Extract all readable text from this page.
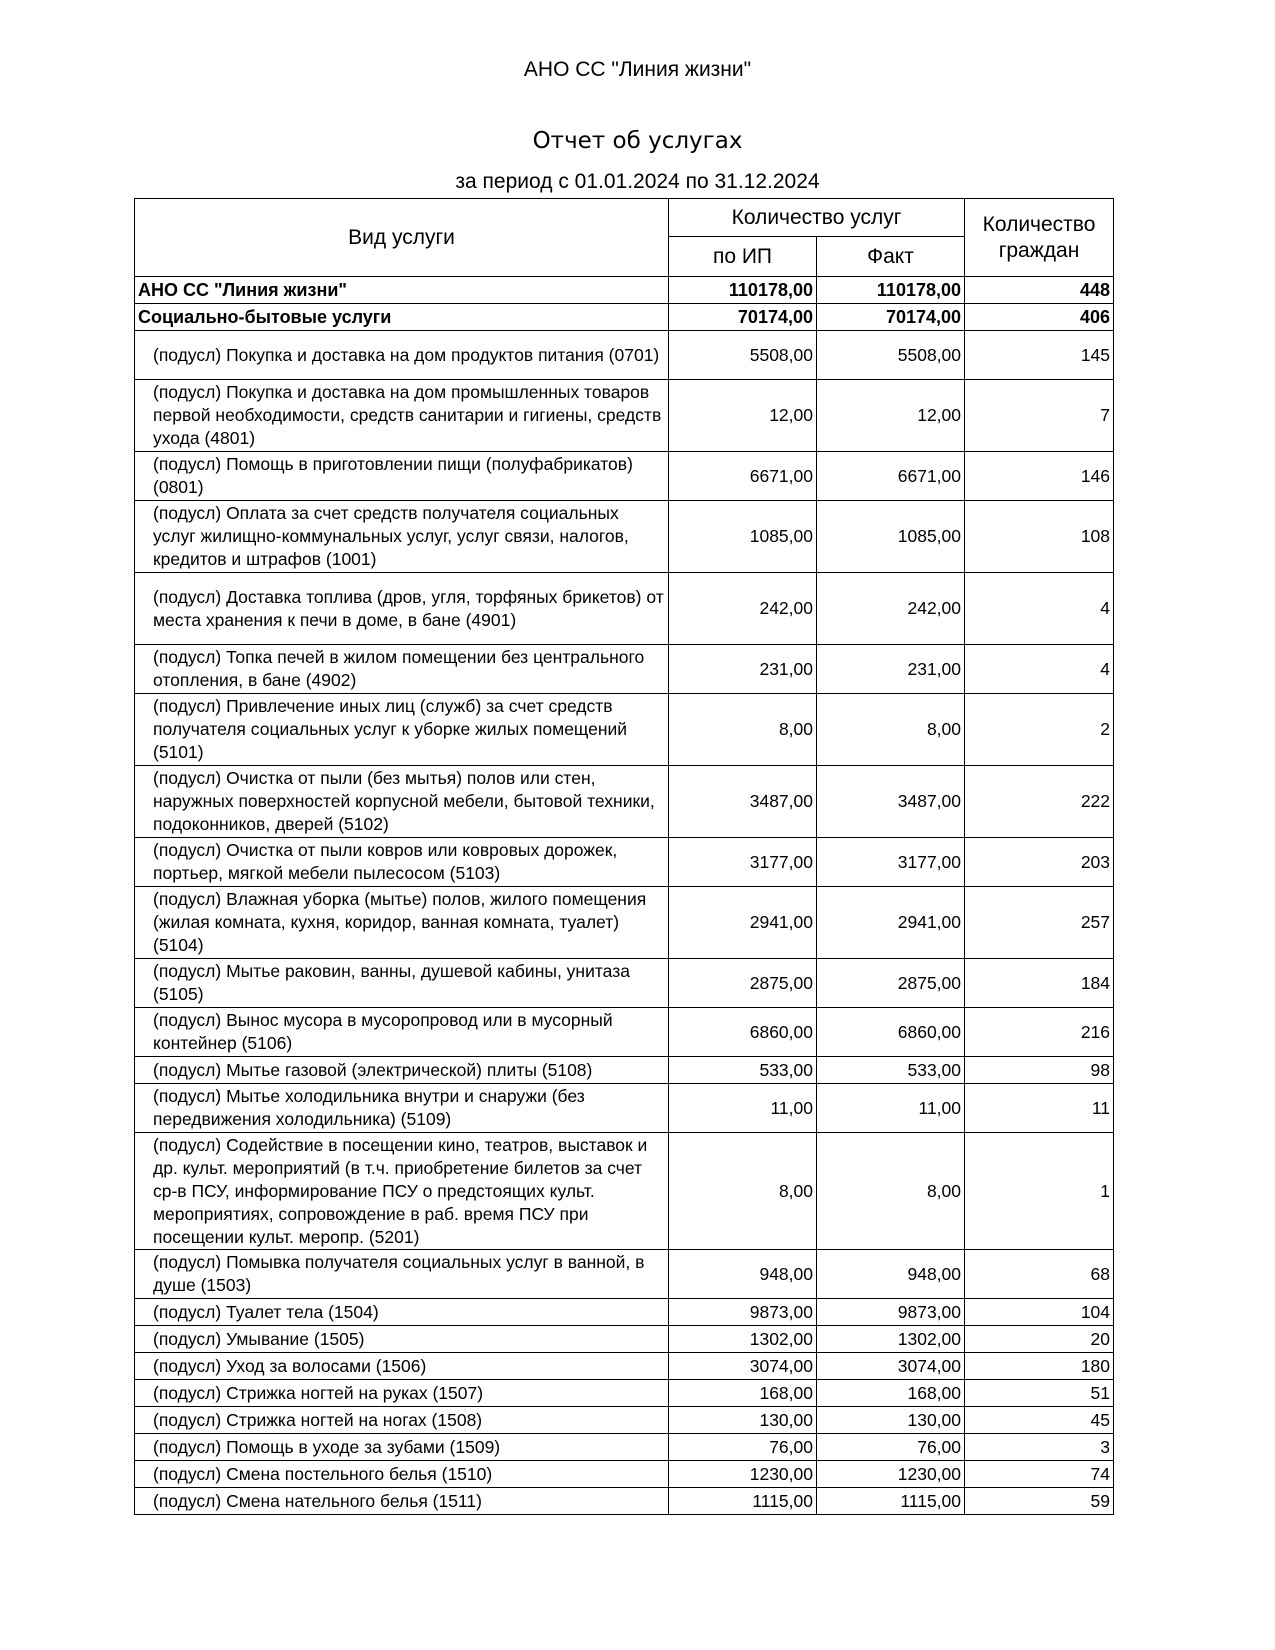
АНО СС "Линия жизни"
Отчет об услугах
за период с 01.01.2024 по 31.12.2024
Вид услуги	Количество услуг		Количество граждан
	по ИП	Факт	
АНО СС "Линия жизни"	110178,00	110178,00	448
Социально-бытовые услуги	70174,00	70174,00	406
(подусл) Покупка и доставка на дом продуктов питания (0701)	5508,00	5508,00	145
(подусл) Покупка и доставка на дом промышленных товаров первой необходимости, средств санитарии и гигиены, средств ухода (4801)	12,00	12,00	7
(подусл) Помощь в приготовлении пищи (полуфабрикатов) (0801)	6671,00	6671,00	146
(подусл) Оплата за счет средств получателя социальных услуг жилищно-коммунальных услуг, услуг связи, налогов, кредитов и штрафов (1001)	1085,00	1085,00	108
(подусл) Доставка топлива (дров, угля, торфяных брикетов) от места хранения к печи в доме, в бане (4901)	242,00	242,00	4
(подусл) Топка печей в жилом помещении без центрального отопления, в бане (4902)	231,00	231,00	4
(подусл) Привлечение иных лиц (служб) за счет средств получателя социальных услуг к уборке жилых помещений (5101)	8,00	8,00	2
(подусл) Очистка от пыли (без мытья) полов или стен, наружных поверхностей корпусной мебели, бытовой техники, подоконников, дверей (5102)	3487,00	3487,00	222
(подусл) Очистка от пыли ковров или ковровых дорожек, портьер, мягкой мебели пылесосом (5103)	3177,00	3177,00	203
(подусл) Влажная уборка (мытье) полов, жилого помещения (жилая комната, кухня, коридор, ванная комната, туалет) (5104)	2941,00	2941,00	257
(подусл) Мытье раковин, ванны, душевой кабины, унитаза (5105)	2875,00	2875,00	184
(подусл) Вынос мусора в мусоропровод или в мусорный контейнер (5106)	6860,00	6860,00	216
(подусл) Мытье газовой (электрической) плиты (5108)	533,00	533,00	98
(подусл) Мытье холодильника внутри и снаружи (без передвижения холодильника) (5109)	11,00	11,00	11
(подусл) Содействие в посещении кино, театров, выставок и др. культ. мероприятий (в т.ч. приобретение билетов за счет ср-в ПСУ, информирование ПСУ о предстоящих культ. мероприятиях, сопровождение в раб. время ПСУ при посещении культ. меропр. (5201)	8,00	8,00	1
(подусл) Помывка получателя социальных услуг в ванной, в душе (1503)	948,00	948,00	68
(подусл) Туалет тела (1504)	9873,00	9873,00	104
(подусл) Умывание (1505)	1302,00	1302,00	20
(подусл) Уход за волосами (1506)	3074,00	3074,00	180
(подусл) Стрижка ногтей на руках (1507)	168,00	168,00	51
(подусл) Стрижка ногтей на ногах (1508)	130,00	130,00	45
(подусл) Помощь в уходе за зубами (1509)	76,00	76,00	3
(подусл) Смена постельного белья (1510)	1230,00	1230,00	74
(подусл) Смена нательного белья (1511)	1115,00	1115,00	59
